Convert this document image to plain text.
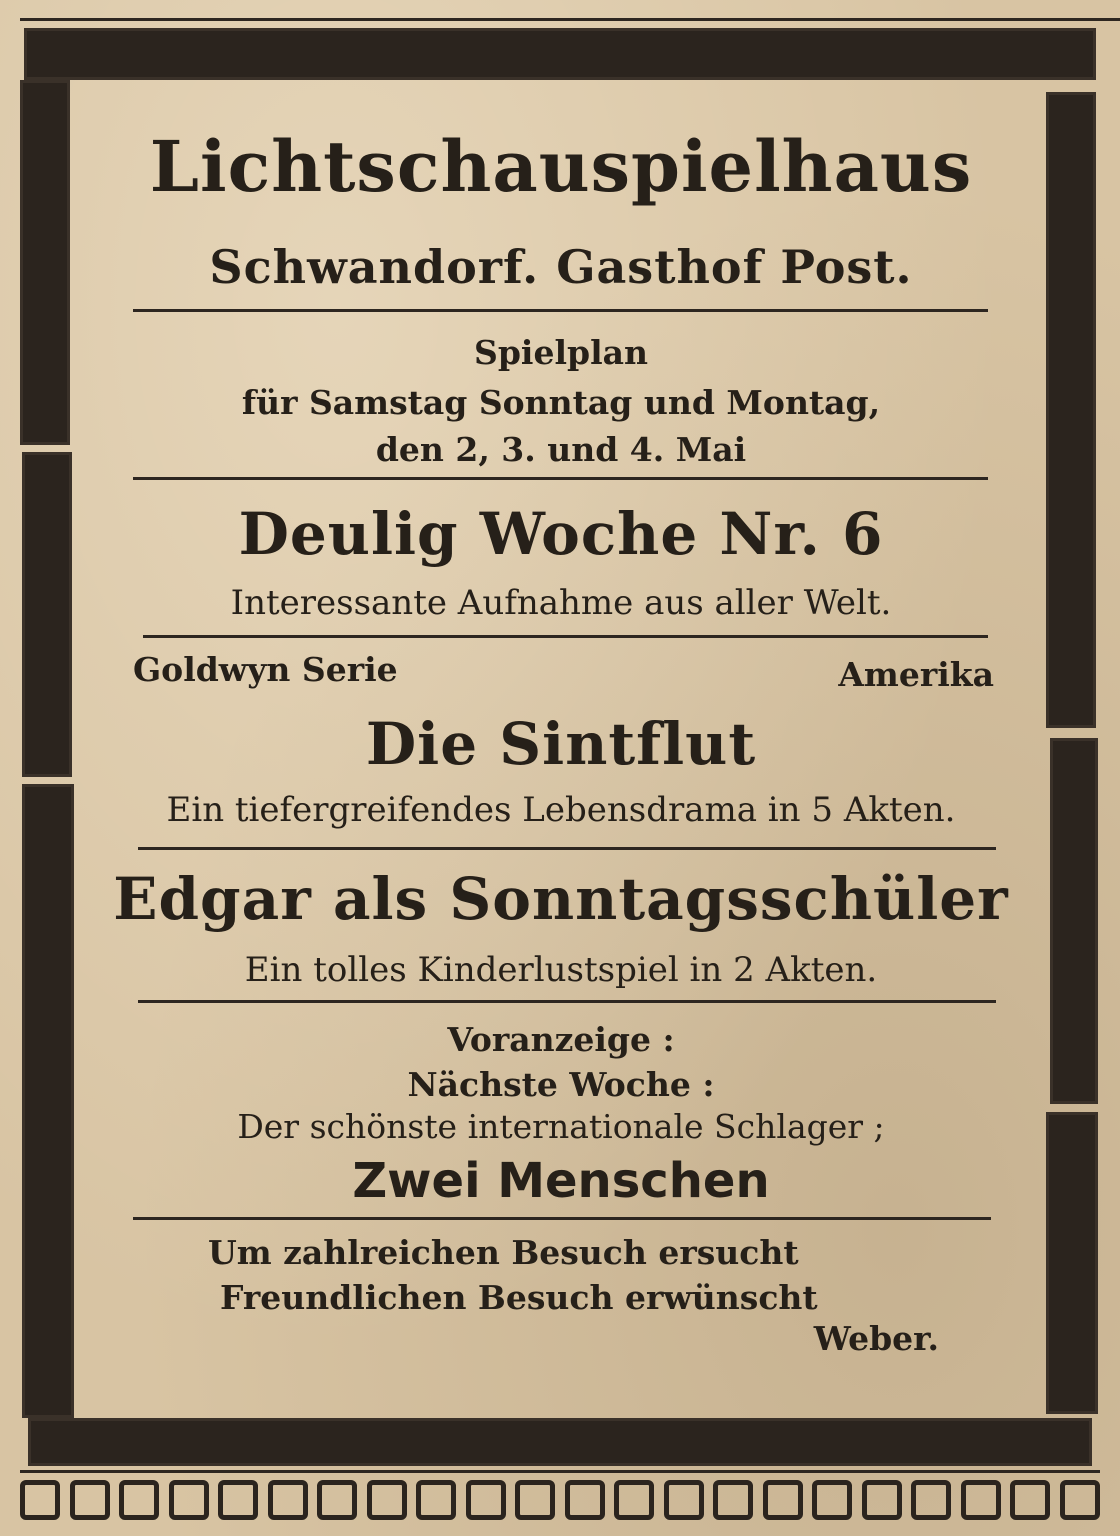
Lichtschauspielhaus
Schwandorf. Gasthof Post.
Spielplan
für Samstag Sonntag und Montag,
den 2, 3. und 4. Mai
Deulig Woche Nr. 6
Interessante Aufnahme aus aller Welt.
Goldwyn Serie	Amerika
Die Sintflut
Ein tiefergreifendes Lebensdrama in 5 Akten.
Edgar als Sonntagsschüler
Ein tolles Kinderlustspiel in 2 Akten.
Voranzeige :
Nächste Woche :
Der schönste internationale Schlager ;
Zwei Menschen
Um zahlreichen Besuch ersucht
Freundlichen Besuch erwünscht
Weber.
